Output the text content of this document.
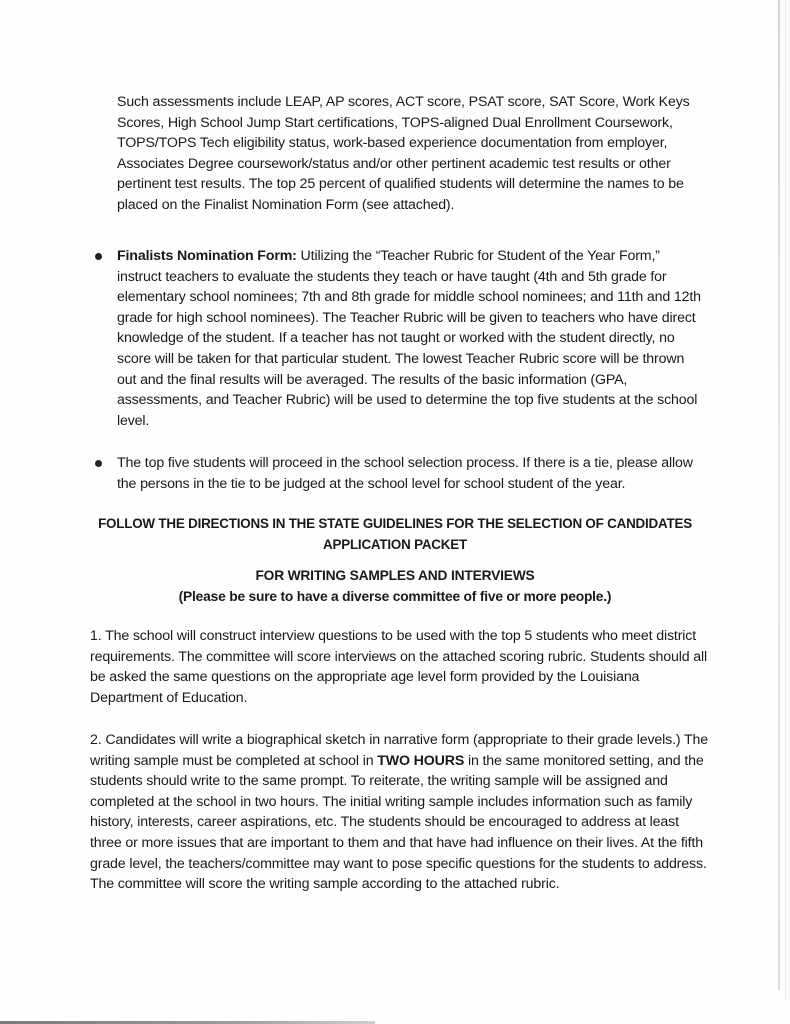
Such assessments include LEAP, AP scores, ACT score, PSAT score, SAT Score, Work Keys Scores, High School Jump Start certifications, TOPS-aligned Dual Enrollment Coursework, TOPS/TOPS Tech eligibility status, work-based experience documentation from employer, Associates Degree coursework/status and/or other pertinent academic test results or other pertinent test results. The top 25 percent of qualified students will determine the names to be placed on the Finalist Nomination Form (see attached).

Finalists Nomination Form: Utilizing the “Teacher Rubric for Student of the Year Form,” instruct teachers to evaluate the students they teach or have taught (4th and 5th grade for elementary school nominees; 7th and 8th grade for middle school nominees; and 11th and 12th grade for high school nominees). The Teacher Rubric will be given to teachers who have direct knowledge of the student. If a teacher has not taught or worked with the student directly, no score will be taken for that particular student. The lowest Teacher Rubric score will be thrown out and the final results will be averaged. The results of the basic information (GPA, assessments, and Teacher Rubric) will be used to determine the top five students at the school level.
The top five students will proceed in the school selection process. If there is a tie, please allow the persons in the tie to be judged at the school level for school student of the year.
FOLLOW THE DIRECTIONS IN THE STATE GUIDELINES FOR THE SELECTION OF CANDIDATES
APPLICATION PACKET
FOR WRITING SAMPLES AND INTERVIEWS
(Please be sure to have a diverse committee of five or more people.)

1. The school will construct interview questions to be used with the top 5 students who meet district requirements. The committee will score interviews on the attached scoring rubric. Students should all be asked the same questions on the appropriate age level form provided by the Louisiana Department of Education.

2. Candidates will write a biographical sketch in narrative form (appropriate to their grade levels.) The writing sample must be completed at school in TWO HOURS in the same monitored setting, and the students should write to the same prompt. To reiterate, the writing sample will be assigned and completed at the school in two hours. The initial writing sample includes information such as family history, interests, career aspirations, etc. The students should be encouraged to address at least three or more issues that are important to them and that have had influence on their lives. At the fifth grade level, the teachers/committee may want to pose specific questions for the students to address. The committee will score the writing sample according to the attached rubric.
